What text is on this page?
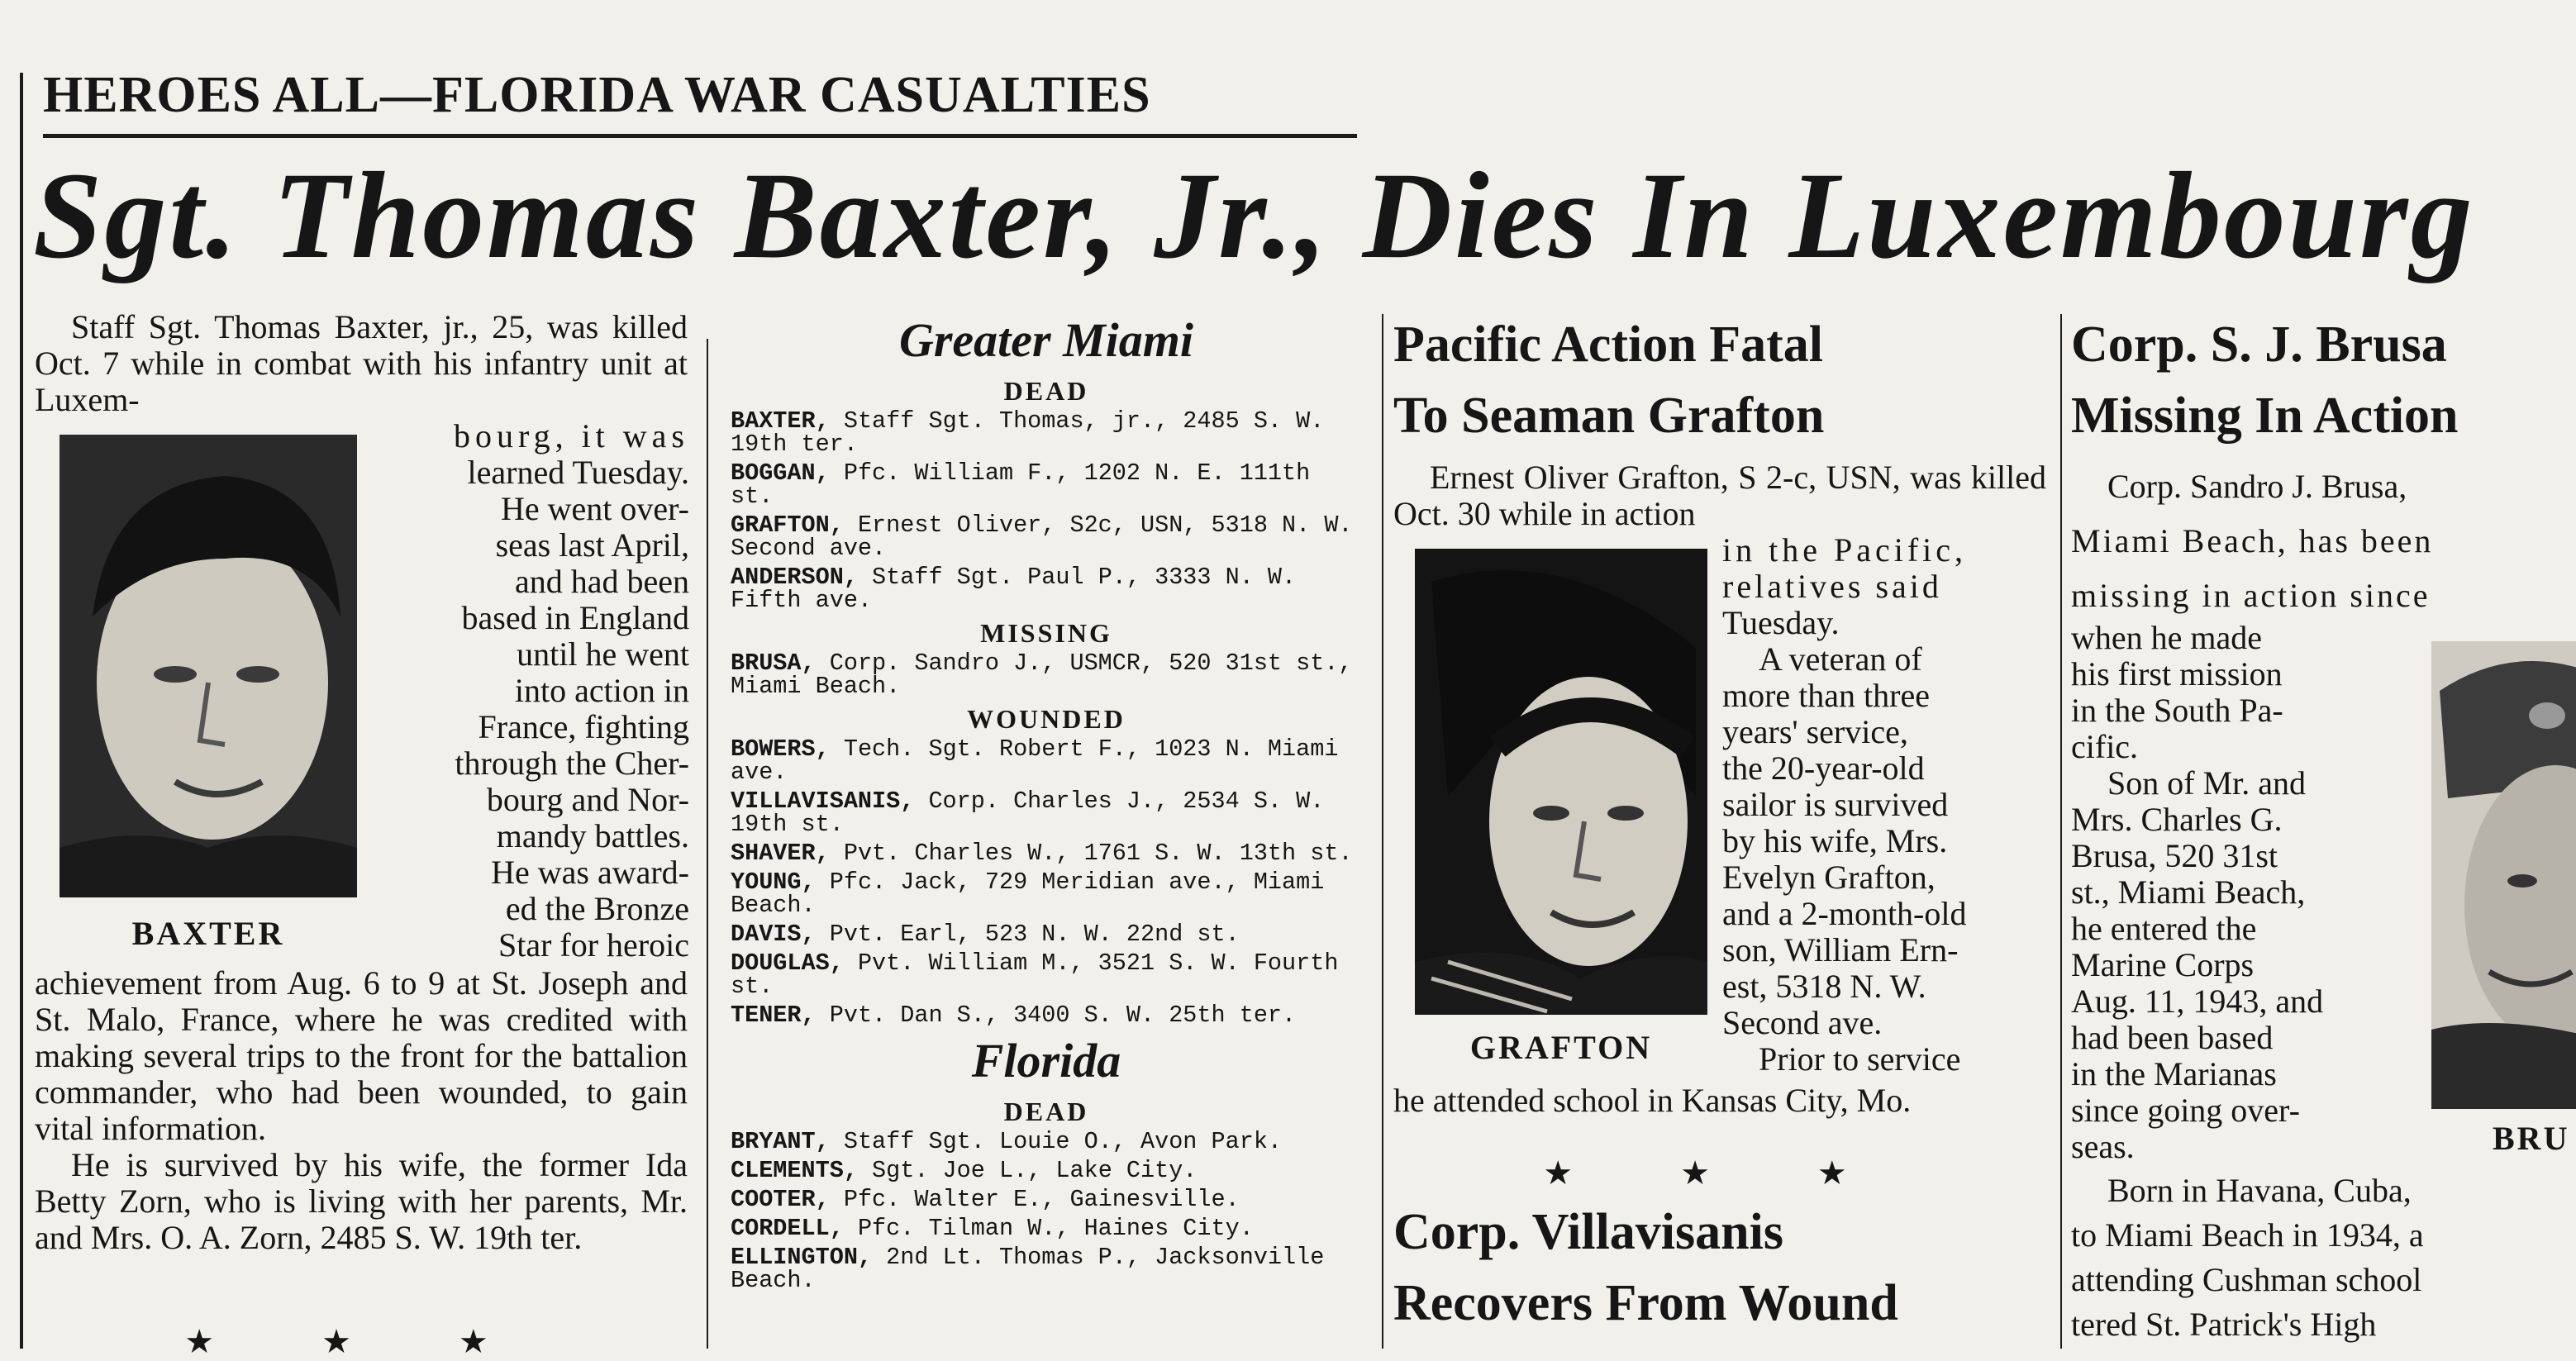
HEROES ALL—FLORIDA WAR CASUALTIES
Sgt. Thomas Baxter, Jr., Dies In Luxembourg

Staff Sgt. Thomas Baxter, jr., 25, was killed Oct. 7 while in combat with his infantry unit at Luxem-

BAXTER
bourg, it was
learned Tuesday.
He went over-
seas last April,
and had been
based in England
until he went
into action in
France, fighting
through the Cher-
bourg and Nor-
mandy battles.
He was award-
ed the Bronze
Star for heroic

achievement from Aug. 6 to 9 at St. Joseph and St. Malo, France, where he was credited with making several trips to the front for the battalion commander, who had been wounded, to gain vital information.

He is survived by his wife, the former Ida Betty Zorn, who is living with her parents, Mr. and Mrs. O. A. Zorn, 2485 S. W. 19th ter.

★ ★ ★
Greater Miami
DEAD
BAXTER, Staff Sgt. Thomas, jr., 2485 S. W. 19th ter.
BOGGAN, Pfc. William F., 1202 N. E. 111th st.
GRAFTON, Ernest Oliver, S2c, USN, 5318 N. W. Second ave.
ANDERSON, Staff Sgt. Paul P., 3333 N. W. Fifth ave.
MISSING
BRUSA, Corp. Sandro J., USMCR, 520 31st st., Miami Beach.
WOUNDED
BOWERS, Tech. Sgt. Robert F., 1023 N. Miami ave.
VILLAVISANIS, Corp. Charles J., 2534 S. W. 19th st.
SHAVER, Pvt. Charles W., 1761 S. W. 13th st.
YOUNG, Pfc. Jack, 729 Meridian ave., Miami Beach.
DAVIS, Pvt. Earl, 523 N. W. 22nd st.
DOUGLAS, Pvt. William M., 3521 S. W. Fourth st.
TENER, Pvt. Dan S., 3400 S. W. 25th ter.
Florida
DEAD
BRYANT, Staff Sgt. Louie O., Avon Park.
CLEMENTS, Sgt. Joe L., Lake City.
COOTER, Pfc. Walter E., Gainesville.
CORDELL, Pfc. Tilman W., Haines City.
ELLINGTON, 2nd Lt. Thomas P., Jacksonville Beach.
Pacific Action Fatal
To Seaman Grafton

Ernest Oliver Grafton, S 2-c, USN, was killed Oct. 30 while in action

GRAFTON
in the Pacific,
relatives said
Tuesday.
A veteran of
more than three
years' service,
the 20-year-old
sailor is survived
by his wife, Mrs.
Evelyn Grafton,
and a 2-month-old
son, William Ern-
est, 5318 N. W.
Second ave.
Prior to service

he attended school in Kansas City, Mo.

★ ★ ★
Corp. Villavisanis
Recovers From Wound
Corp. S. J. Brusa
Missing In Action
Corp. Sandro J. Brusa,
Miami Beach, has been
missing in action since
when he made
his first mission
in the South Pa-
cific.
Son of Mr. and
Mrs. Charles G.
Brusa, 520 31st
st., Miami Beach,
he entered the
Marine Corps
Aug. 11, 1943, and
had been based
in the Marianas
since going over-
seas.	BRU
Born in Havana, Cuba,
to Miami Beach in 1934, a
attending Cushman school
tered St. Patrick's High
